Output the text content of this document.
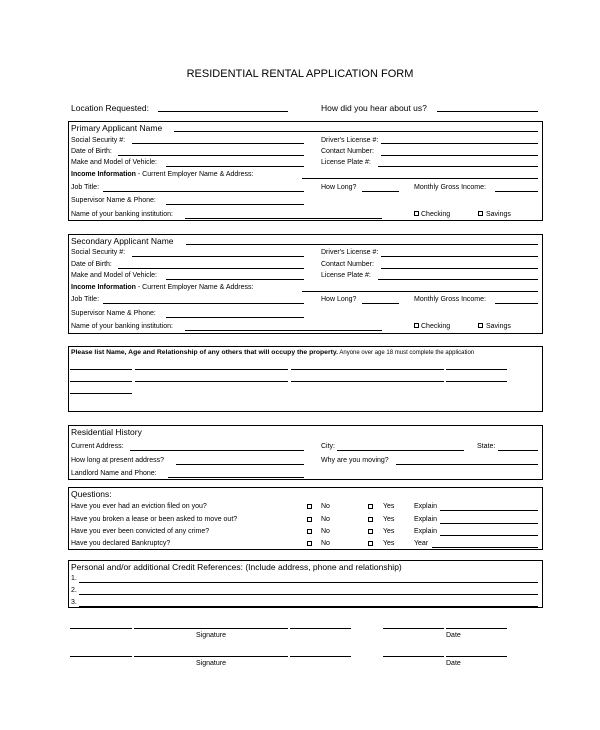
RESIDENTIAL RENTAL APPLICATION FORM
Location Requested:	How did you hear about us?
Primary Applicant Name
Social Security #:	Driver's License #:
Date of Birth:	Contact Number:
Make and Model of Vehicle:	License Plate #:
Income Information - Current Employer Name & Address:
Job Title:	How Long?	Monthly Gross Income:
Supervisor Name & Phone:
Name of your banking institution:	Checking	Savings
Secondary Applicant Name
Social Security #:	Driver's License #:
Date of Birth:	Contact Number:
Make and Model of Vehicle:	License Plate #:
Income Information - Current Employer Name & Address:
Job Title:	How Long?	Monthly Gross Income:
Supervisor Name & Phone:
Name of your banking institution:	Checking	Savings
Please list Name, Age and Relationship of any others that will occupy the property. Anyone over age 18 must complete the application
Residential History
Current Address:	City:	State:
How long at present address?	Why are you moving?
Landlord Name and Phone:
Questions:
Have you ever had an eviction filed on you?	No	Yes	Explain
Have you broken a lease or been asked to move out?	No	Yes	Explain
Have you ever been convicted of any crime?	No	Yes	Explain
Have you declared Bankruptcy?	No	Yes	Year
Personal and/or additional Credit References: (Include address, phone and relationship)
1.
2.
3.
Signature	Date
Signature	Date
